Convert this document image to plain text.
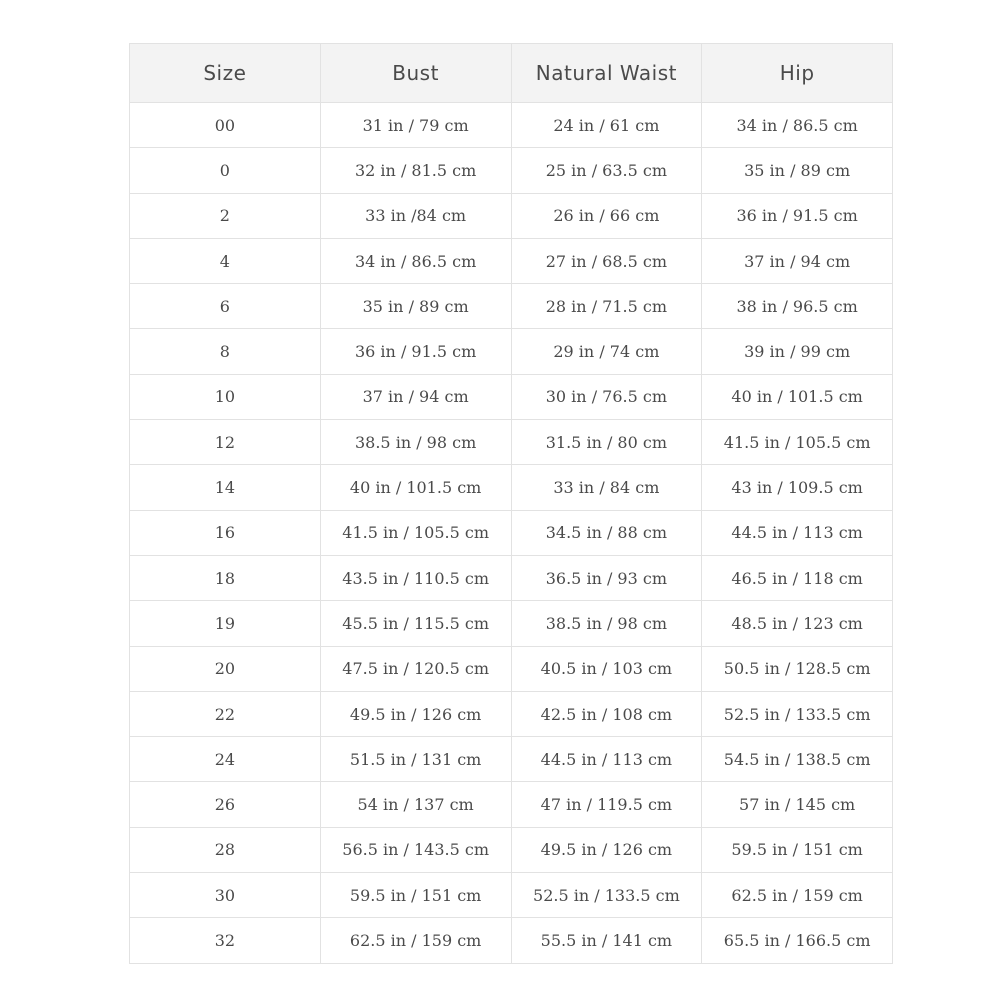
Size	Bust	Natural Waist	Hip
00	31 in / 79 cm	24 in / 61 cm	34 in / 86.5 cm
0	32 in / 81.5 cm	25 in / 63.5 cm	35 in / 89 cm
2	33 in /84 cm	26 in / 66 cm	36 in / 91.5 cm
4	34 in / 86.5 cm	27 in / 68.5 cm	37 in / 94 cm
6	35 in / 89 cm	28 in / 71.5 cm	38 in / 96.5 cm
8	36 in / 91.5 cm	29 in / 74 cm	39 in / 99 cm
10	37 in / 94 cm	30 in / 76.5 cm	40 in / 101.5 cm
12	38.5 in / 98 cm	31.5 in / 80 cm	41.5 in / 105.5 cm
14	40 in / 101.5 cm	33 in / 84 cm	43 in / 109.5 cm
16	41.5 in / 105.5 cm	34.5 in / 88 cm	44.5 in / 113 cm
18	43.5 in / 110.5 cm	36.5 in / 93 cm	46.5 in / 118 cm
19	45.5 in / 115.5 cm	38.5 in / 98 cm	48.5 in / 123 cm
20	47.5 in / 120.5 cm	40.5 in / 103 cm	50.5 in / 128.5 cm
22	49.5 in / 126 cm	42.5 in / 108 cm	52.5 in / 133.5 cm
24	51.5 in / 131 cm	44.5 in / 113 cm	54.5 in / 138.5 cm
26	54 in / 137 cm	47 in / 119.5 cm	57 in / 145 cm
28	56.5 in / 143.5 cm	49.5 in / 126 cm	59.5 in / 151 cm
30	59.5 in / 151 cm	52.5 in / 133.5 cm	62.5 in / 159 cm
32	62.5 in / 159 cm	55.5 in / 141 cm	65.5 in / 166.5 cm
